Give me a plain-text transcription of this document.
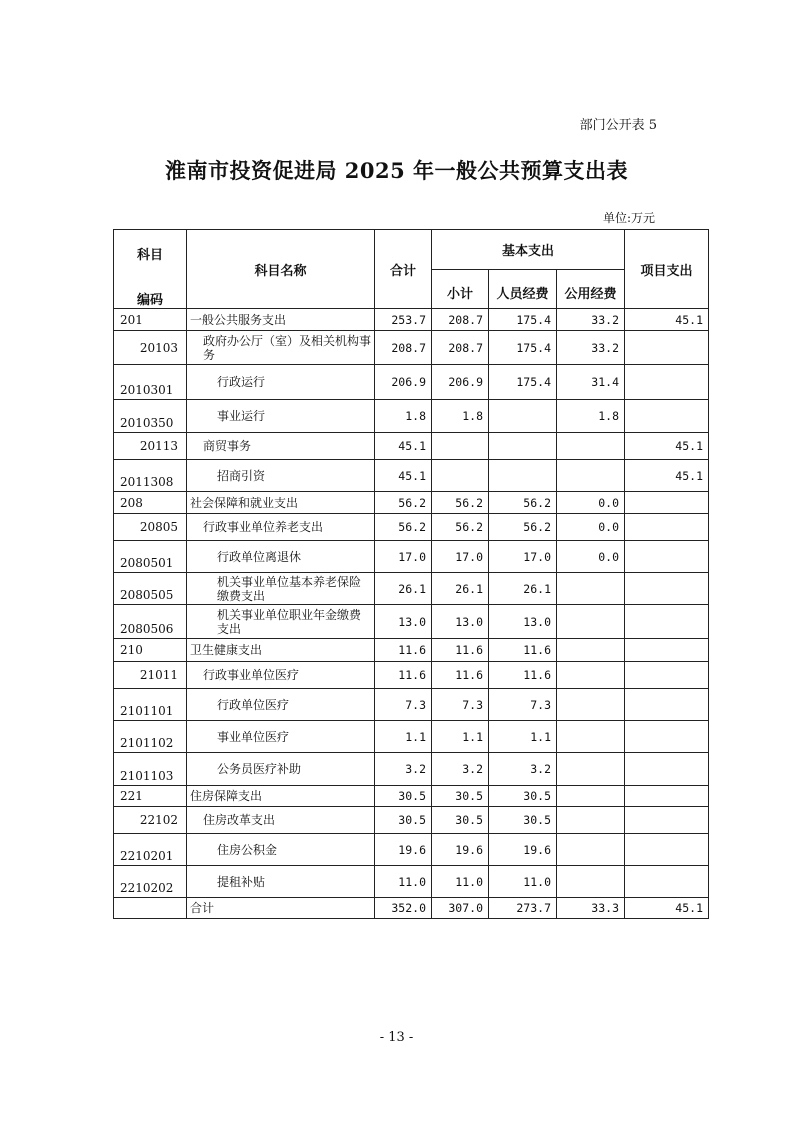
部门公开表 5
淮南市投资促进局 2025 年一般公共预算支出表
单位:万元
科目
编码	科目名称	合计	基本支出			项目支出
			小计	人员经费	公用经费	
201	一般公共服务支出	253.7	208.7	175.4	33.2	45.1
20103	政府办公厅（室）及相关机构事务	208.7	208.7	175.4	33.2	
2010301	行政运行	206.9	206.9	175.4	31.4	
2010350	事业运行	1.8	1.8		1.8	
20113	商贸事务	45.1				45.1
2011308	招商引资	45.1				45.1
208	社会保障和就业支出	56.2	56.2	56.2	0.0	
20805	行政事业单位养老支出	56.2	56.2	56.2	0.0	
2080501	行政单位离退休	17.0	17.0	17.0	0.0	
2080505	机关事业单位基本养老保险缴费支出	26.1	26.1	26.1		
2080506	机关事业单位职业年金缴费支出	13.0	13.0	13.0		
210	卫生健康支出	11.6	11.6	11.6		
21011	行政事业单位医疗	11.6	11.6	11.6		
2101101	行政单位医疗	7.3	7.3	7.3		
2101102	事业单位医疗	1.1	1.1	1.1		
2101103	公务员医疗补助	3.2	3.2	3.2		
221	住房保障支出	30.5	30.5	30.5		
22102	住房改革支出	30.5	30.5	30.5		
2210201	住房公积金	19.6	19.6	19.6		
2210202	提租补贴	11.0	11.0	11.0		
	合计	352.0	307.0	273.7	33.3	45.1
- 13 -
